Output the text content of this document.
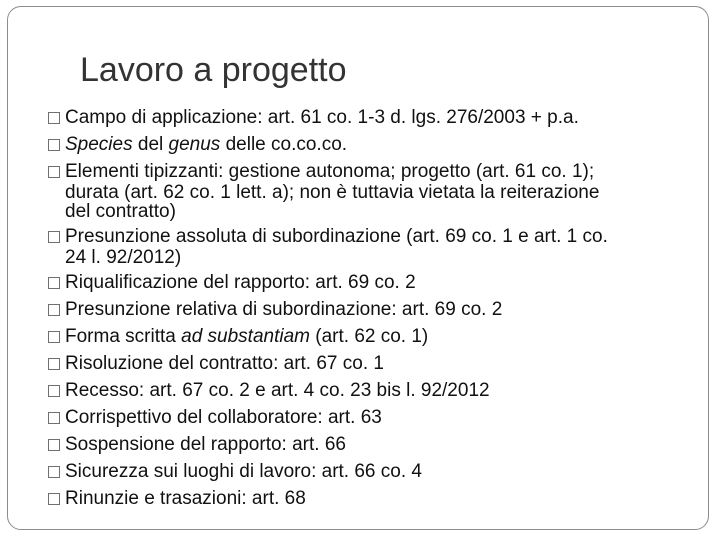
Lavoro a progetto
Campo di applicazione: art. 61 co. 1-3 d. lgs. 276/2003 + p.a.
Species del genus delle co.co.co.
Elementi tipizzanti: gestione autonoma; progetto (art. 61 co. 1);
durata (art. 62 co. 1 lett. a); non è tuttavia vietata la reiterazione
del contratto)
Presunzione assoluta di subordinazione (art. 69 co. 1 e art. 1 co.
24 l. 92/2012)
Riqualificazione del rapporto: art. 69 co. 2
Presunzione relativa di subordinazione: art. 69 co. 2
Forma scritta ad substantiam (art. 62 co. 1)
Risoluzione del contratto: art. 67 co. 1
Recesso: art. 67 co. 2 e art. 4 co. 23 bis l. 92/2012
Corrispettivo del collaboratore: art. 63
Sospensione del rapporto: art. 66
Sicurezza sui luoghi di lavoro: art. 66 co. 4
Rinunzie e trasazioni: art. 68
